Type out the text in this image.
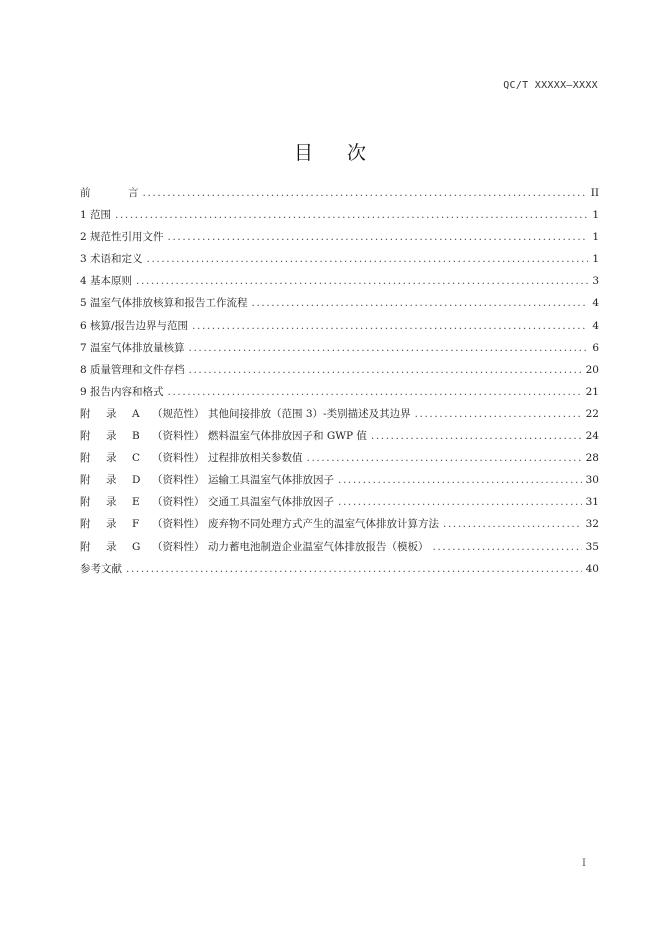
QC/T XXXXX—XXXX
目 次
前	言 .....	II
1 范围 .....	1
2 规范性引用文件 .....	1
3 术语和定义 .....	1
4 基本原则 .....	3
5 温室气体排放核算和报告工作流程 .....	4
6 核算/报告边界与范围 .....	4
7 温室气体排放量核算 .....	6
8 质量管理和文件存档 .....	20
9 报告内容和格式 .....	21
附 录 A （规范性） 其他间接排放（范围 3）-类别描述及其边界 .....	22
附 录 B （资料性） 燃料温室气体排放因子和 GWP 值 .....	24
附 录 C （资料性） 过程排放相关参数值 .....	28
附 录 D （资料性） 运输工具温室气体排放因子 .....	30
附 录 E （资料性） 交通工具温室气体排放因子 .....	31
附 录 F （资料性） 废弃物不同处理方式产生的温室气体排放计算方法 .....	32
附 录 G （资料性） 动力蓄电池制造企业温室气体排放报告（模板） .....	35
参考文献 .....	40
I
